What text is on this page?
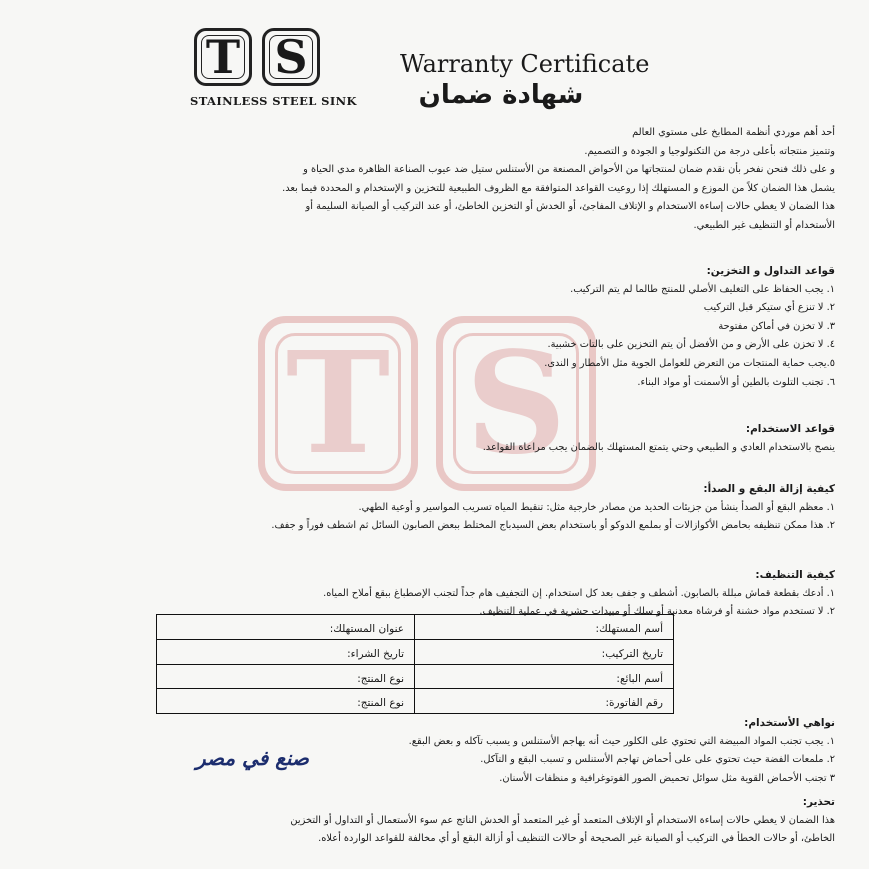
T S
T S
STAINLESS STEEL SINK
Warranty Certificate
شهادة ضمان
أحد أهم موردي أنظمة المطابخ على مستوي العالم
وتتميز منتجاته بأعلى درجة من التكنولوجيا و الجودة و التصميم.
و على ذلك فنحن نفخر بأن نقدم ضمان لمنتجاتها من الأحواض المصنعة من الأستنلس ستيل ضد عيوب الصناعة الظاهرة مدي الحياة و
يشمل هذا الضمان كلاً من الموزع و المستهلك إذا روعيت القواعد المتوافقة مع الظروف الطبيعية للتخزين و الإستخدام و المحددة فيما بعد.
هذا الضمان لا يغطي حالات إساءة الاستخدام و الإتلاف المفاجئ، أو الخدش أو التخزين الخاطئ، أو عند التركيب أو الصيانة السليمة أو
الأستخدام أو التنظيف غير الطبيعي.
قواعد التداول و التخزين:
١. يجب الحفاظ على التغليف الأصلي للمنتج طالما لم يتم التركيب.
٢. لا تنزع أي ستيكر قبل التركيب
٣. لا تخزن في أماكن مفتوحة
٤. لا تخزن على الأرض و من الأفضل أن يتم التخزين على بالتات خشبية.
٥.يجب حماية المنتجات من التعرض للعوامل الجوية مثل الأمطار و الندى.
٦. تجنب التلوث بالطين أو الأسمنت أو مواد البناء.
قواعد الاستخدام:
ينصح بالاستخدام العادي و الطبيعي وحتي يتمتع المستهلك بالضمان يجب مراعاة القواعد.
كيفية إزالة البقع و الصدأ:
١. معظم البقع أو الصدأ ينشأ من جزيئات الحديد من مصادر خارجية مثل: تنقيط المياه تسريب المواسير و أوعية الطهي.
٢. هذا ممكن تنظيفه بحامض الأكوازالات أو بملمع الدوكو أو باستخدام بعض السيدباج المختلط ببعض الصابون السائل ثم اشطف فوراً و جفف.
كيفية التنظيف:
١. أدعك بقطعة قماش مبللة بالصابون. أشطف و جفف بعد كل استخدام. إن التجفيف هام جداً لتجنب الإصطباغ ببقع أملاح المياه.
٢. لا تستخدم مواد خشنة أو فرشاة معدنية أو سلك أو مبيدات حشرية في عملية التنظيف.
عنوان المستهلك:	أسم المستهلك:
تاريخ الشراء:	تاريخ التركيب:
نوع المنتج:	أسم البائع:
نوع المنتج:	رقم الفاتورة:
نواهي الأستخدام:
١. يجب تجنب المواد المبيضة التي تحتوي على الكلور حيث أنه يهاجم الأستنلس و يسبب تآكله و بعض البقع.
٢. ملمعات الفضة حيث تحتوي على على أحماض تهاجم الأستنلس و تسبب البقع و التآكل.
٣ تجنب الأحماض القوية مثل سوائل تحميض الصور الفوتوغرافية و منظفات الأسنان.
صنع في مصر
تحذير:
هذا الضمان لا يغطي حالات إساءة الاستخدام أو الإتلاف المتعمد أو غير المتعمد أو الخدش الناتج عم سوء الأستعمال أو التداول أو التخزين
الخاطئ، أو حالات الخطأ في التركيب أو الصيانة غير الصحيحة أو حالات التنظيف أو أزالة البقع أو أي مخالفة للقواعد الواردة أعلاه.
